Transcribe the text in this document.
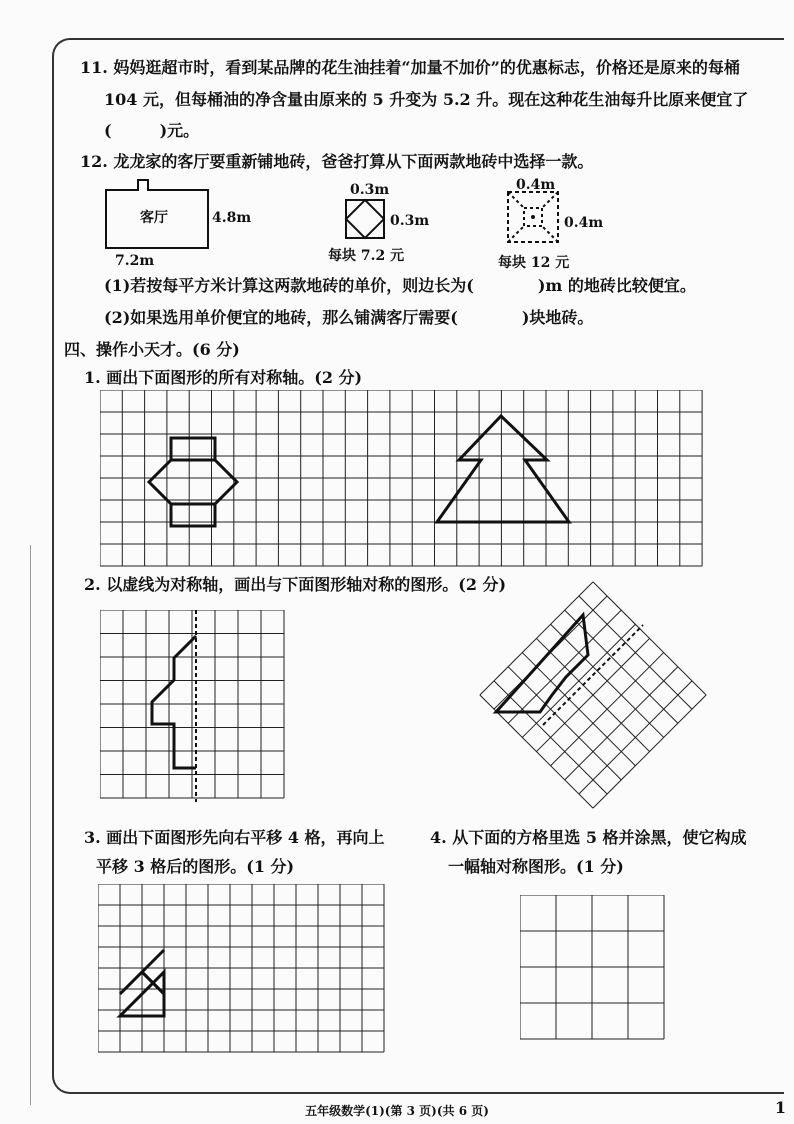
11. 妈妈逛超市时，看到某品牌的花生油挂着“加量不加价”的优惠标志，价格还是原来的每桶
104 元，但每桶油的净含量由原来的 5 升变为 5.2 升。现在这种花生油每升比原来便宜了
(　　　)元。
12. 龙龙家的客厅要重新铺地砖，爸爸打算从下面两款地砖中选择一款。
客厅	4.8m
7.2m
0.3m
0.3m
每块 7.2 元
0.4m
0.4m
每块 12 元
(1)若按每平方米计算这两款地砖的单价，则边长为(　　　　)m 的地砖比较便宜。
(2)如果选用单价便宜的地砖，那么铺满客厅需要(　　　　)块地砖。
四、操作小天才。(6 分)
1. 画出下面图形的所有对称轴。(2 分)
2. 以虚线为对称轴，画出与下面图形轴对称的图形。(2 分)
3. 画出下面图形先向右平移 4 格，再向上
平移 3 格后的图形。(1 分)
4. 从下面的方格里选 5 格并涂黑，使它构成
一幅轴对称图形。(1 分)
五年级数学(1)(第 3 页)(共 6 页)	1
